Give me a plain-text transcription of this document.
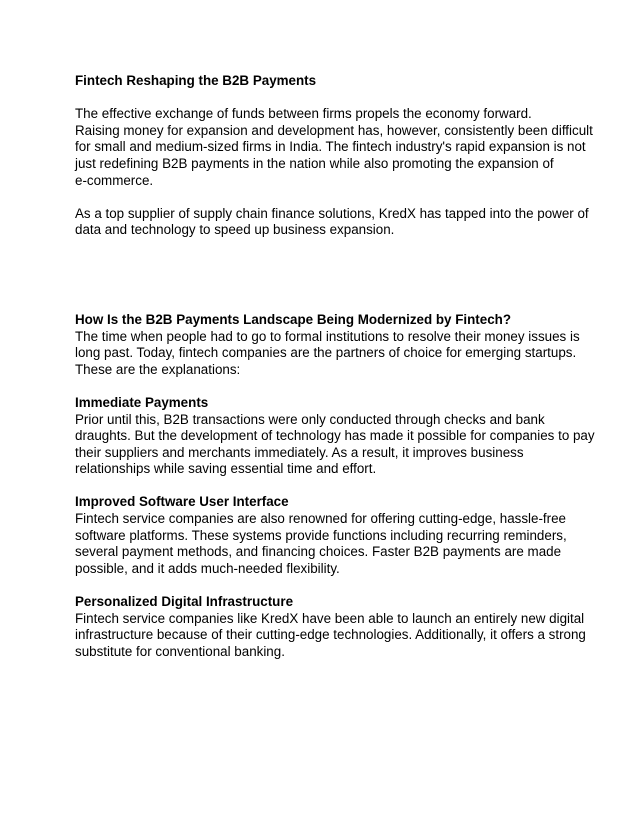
Fintech Reshaping the B2B Payments

The effective exchange of funds between firms propels the economy forward.
Raising money for expansion and development has, however, consistently been difficult
for small and medium-sized firms in India. The fintech industry's rapid expansion is not
just redefining B2B payments in the nation while also promoting the expansion of
e-commerce.

As a top supplier of supply chain finance solutions, KredX has tapped into the power of
data and technology to speed up business expansion.

How Is the B2B Payments Landscape Being Modernized by Fintech?

The time when people had to go to formal institutions to resolve their money issues is
long past. Today, fintech companies are the partners of choice for emerging startups.
These are the explanations:

Immediate Payments

Prior until this, B2B transactions were only conducted through checks and bank
draughts. But the development of technology has made it possible for companies to pay
their suppliers and merchants immediately. As a result, it improves business
relationships while saving essential time and effort.

Improved Software User Interface

Fintech service companies are also renowned for offering cutting-edge, hassle-free
software platforms. These systems provide functions including recurring reminders,
several payment methods, and financing choices. Faster B2B payments are made
possible, and it adds much-needed flexibility.

Personalized Digital Infrastructure

Fintech service companies like KredX have been able to launch an entirely new digital
infrastructure because of their cutting-edge technologies. Additionally, it offers a strong
substitute for conventional banking.
